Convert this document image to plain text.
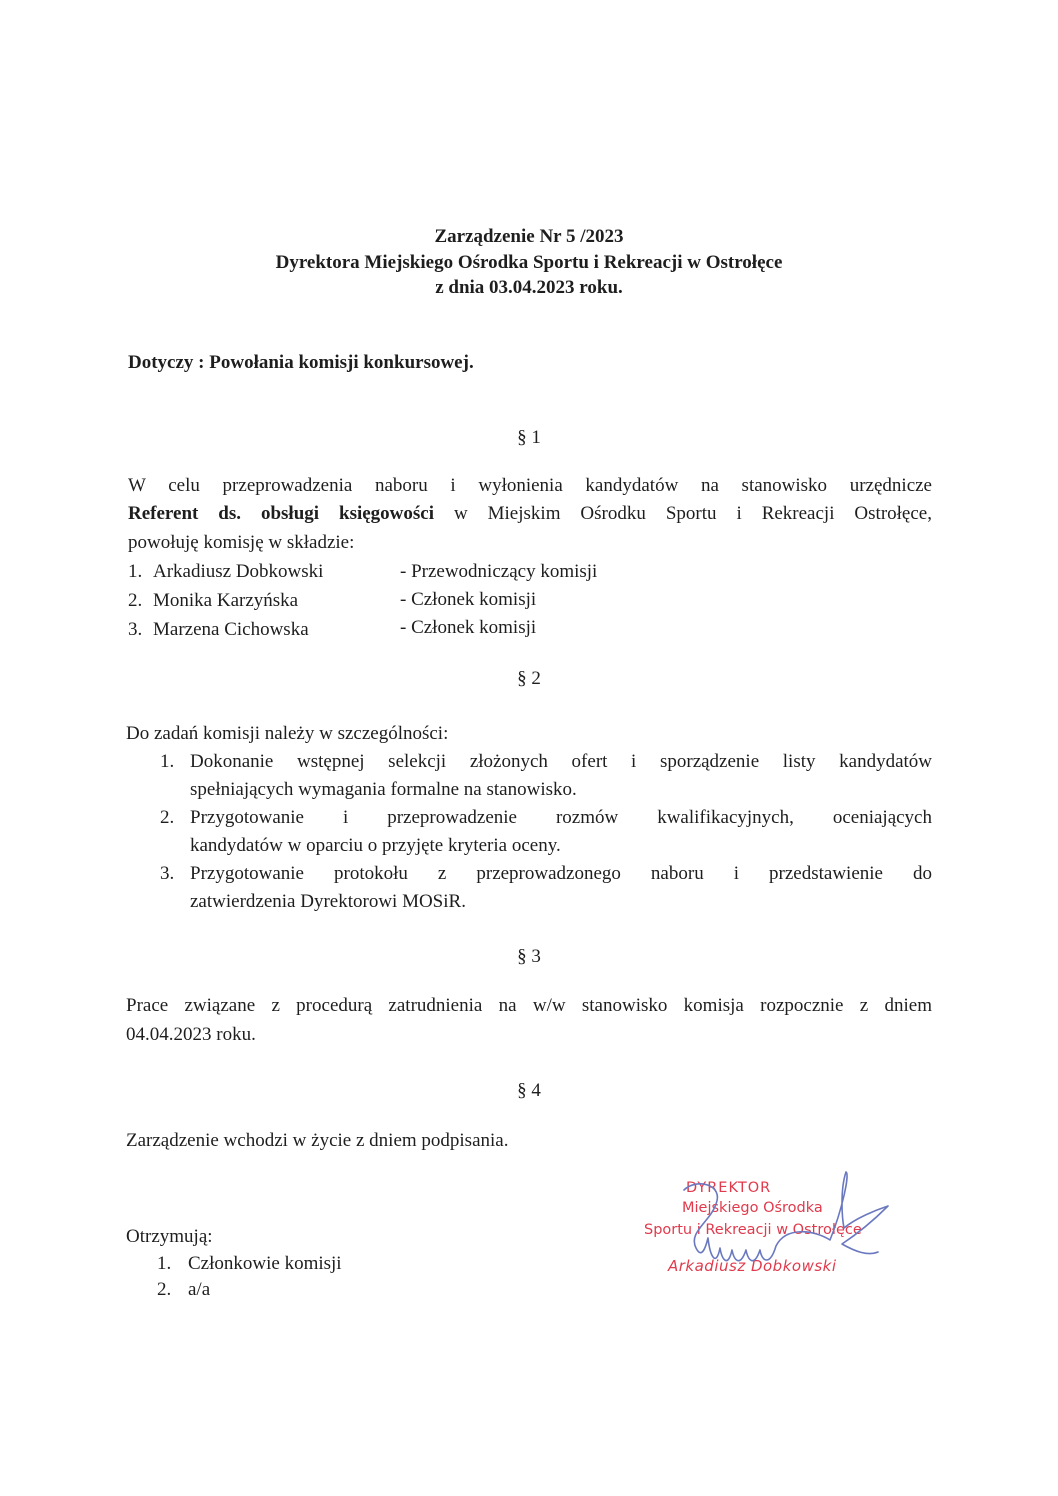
Zarządzenie Nr 5 /2023
Dyrektora Miejskiego Ośrodka Sportu i Rekreacji w Ostrołęce
z dnia 03.04.2023 roku.
Dotyczy : Powołania komisji konkursowej.
§ 1
W celu przeprowadzenia naboru i wyłonienia kandydatów na stanowisko urzędnicze
Referent ds. obsługi księgowości w Miejskim Ośrodku Sportu i Rekreacji Ostrołęce,
powołuję komisję w składzie:
1. Arkadiusz Dobkowski	- Przewodniczący komisji
2. Monika Karzyńska	- Członek komisji
3. Marzena Cichowska	- Członek komisji
§ 2
Do zadań komisji należy w szczególności:
1. Dokonanie wstępnej selekcji złożonych ofert i sporządzenie listy kandydatów
spełniających wymagania formalne na stanowisko.
2. Przygotowanie i przeprowadzenie rozmów kwalifikacyjnych, oceniających
kandydatów w oparciu o przyjęte kryteria oceny.
3. Przygotowanie protokołu z przeprowadzonego naboru i przedstawienie do
zatwierdzenia Dyrektorowi MOSiR.
§ 3
Prace związane z procedurą zatrudnienia na w/w stanowisko komisja rozpocznie z dniem
04.04.2023 roku.
§ 4
Zarządzenie wchodzi w życie z dniem podpisania.
Otrzymują:
1. Członkowie komisji
2. a/a
DYREKTOR
Miejskiego Ośrodka
Sportu i Rekreacji w Ostrołęce
Arkadiusz Dobkowski
